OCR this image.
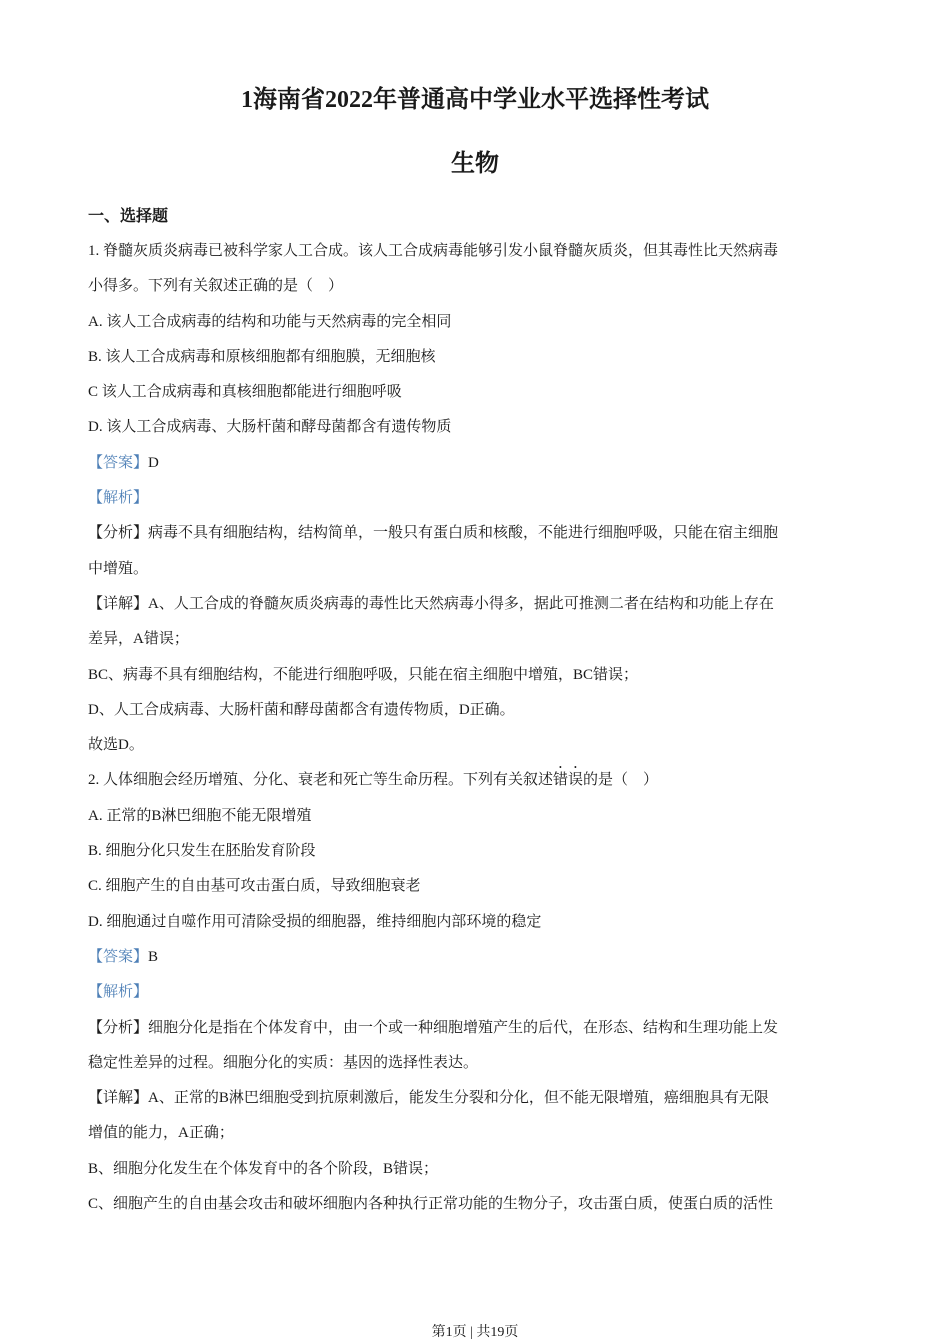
1海南省2022年普通高中学业水平选择性考试
生物
一、选择题
1. 脊髓灰质炎病毒已被科学家人工合成。该人工合成病毒能够引发小鼠脊髓灰质炎，但其毒性比天然病毒
小得多。下列有关叙述正确的是（　）
A. 该人工合成病毒的结构和功能与天然病毒的完全相同
B. 该人工合成病毒和原核细胞都有细胞膜，无细胞核
C 该人工合成病毒和真核细胞都能进行细胞呼吸
D. 该人工合成病毒、大肠杆菌和酵母菌都含有遗传物质
【答案】D
【解析】
【分析】病毒不具有细胞结构，结构简单，一般只有蛋白质和核酸，不能进行细胞呼吸，只能在宿主细胞
中增殖。
【详解】A、人工合成的脊髓灰质炎病毒的毒性比天然病毒小得多，据此可推测二者在结构和功能上存在
差异，A错误；
BC、病毒不具有细胞结构，不能进行细胞呼吸，只能在宿主细胞中增殖，BC错误；
D、人工合成病毒、大肠杆菌和酵母菌都含有遗传物质，D正确。
故选D。
2. 人体细胞会经历增殖、分化、衰老和死亡等生命历程。下列有关叙述错误的是（　）
A. 正常的B淋巴细胞不能无限增殖
B. 细胞分化只发生在胚胎发育阶段
C. 细胞产生的自由基可攻击蛋白质，导致细胞衰老
D. 细胞通过自噬作用可清除受损的细胞器，维持细胞内部环境的稳定
【答案】B
【解析】
【分析】细胞分化是指在个体发育中，由一个或一种细胞增殖产生的后代，在形态、结构和生理功能上发
稳定性差异的过程。细胞分化的实质：基因的选择性表达。
【详解】A、正常的B淋巴细胞受到抗原刺激后，能发生分裂和分化，但不能无限增殖，癌细胞具有无限
增值的能力，A正确；
B、细胞分化发生在个体发育中的各个阶段，B错误；
C、细胞产生的自由基会攻击和破坏细胞内各种执行正常功能的生物分子，攻击蛋白质，使蛋白质的活性
第1页 | 共19页
